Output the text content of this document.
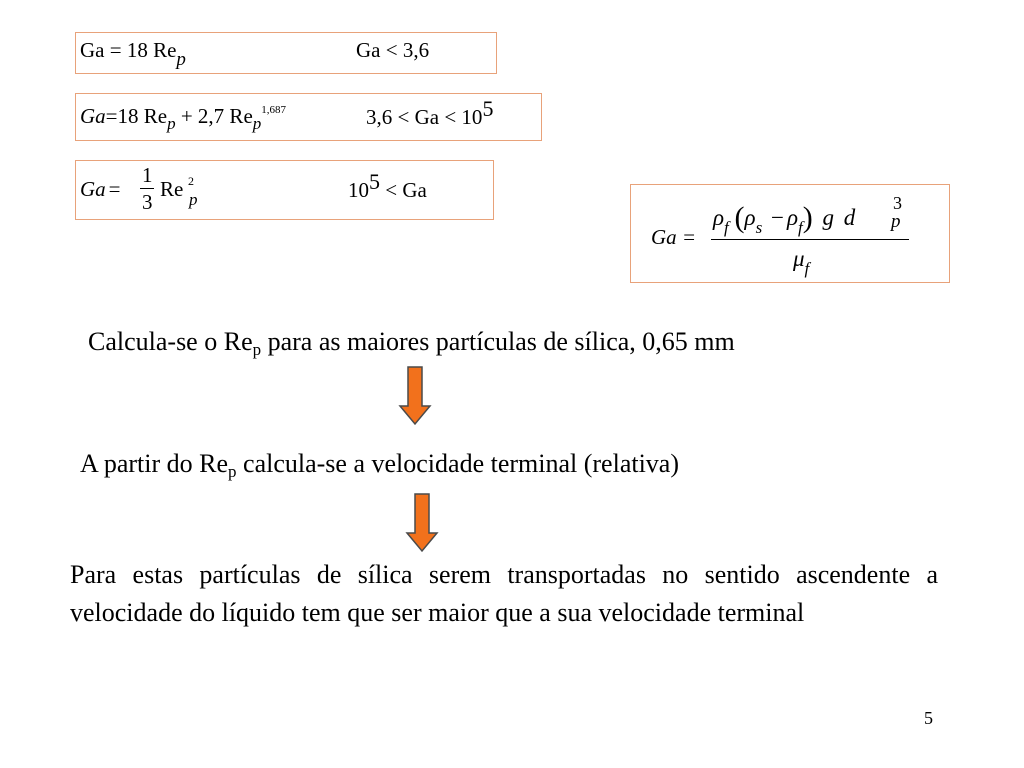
Ga = 18 Rep	Ga < 3,6
Ga=18 $Re_p + 2,7$ $Re_p^{1,687}$	3,6 < Ga < 105
Ga =
1
3
Re 2
p	105 < Ga
Ga =
$\rho_f$ $(\rho_s - \rho_f)$ g d
3
p
$\mu_f$
Calcula-se o $Re_p$ para as maiores partículas de sílica, 0,65 mm
A partir do $Re_p$ calcula-se a velocidade terminal (relativa)
Para estas partículas de sílica serem transportadas no sentido ascendente a velocidade do líquido tem que ser maior que a sua velocidade terminal
5
